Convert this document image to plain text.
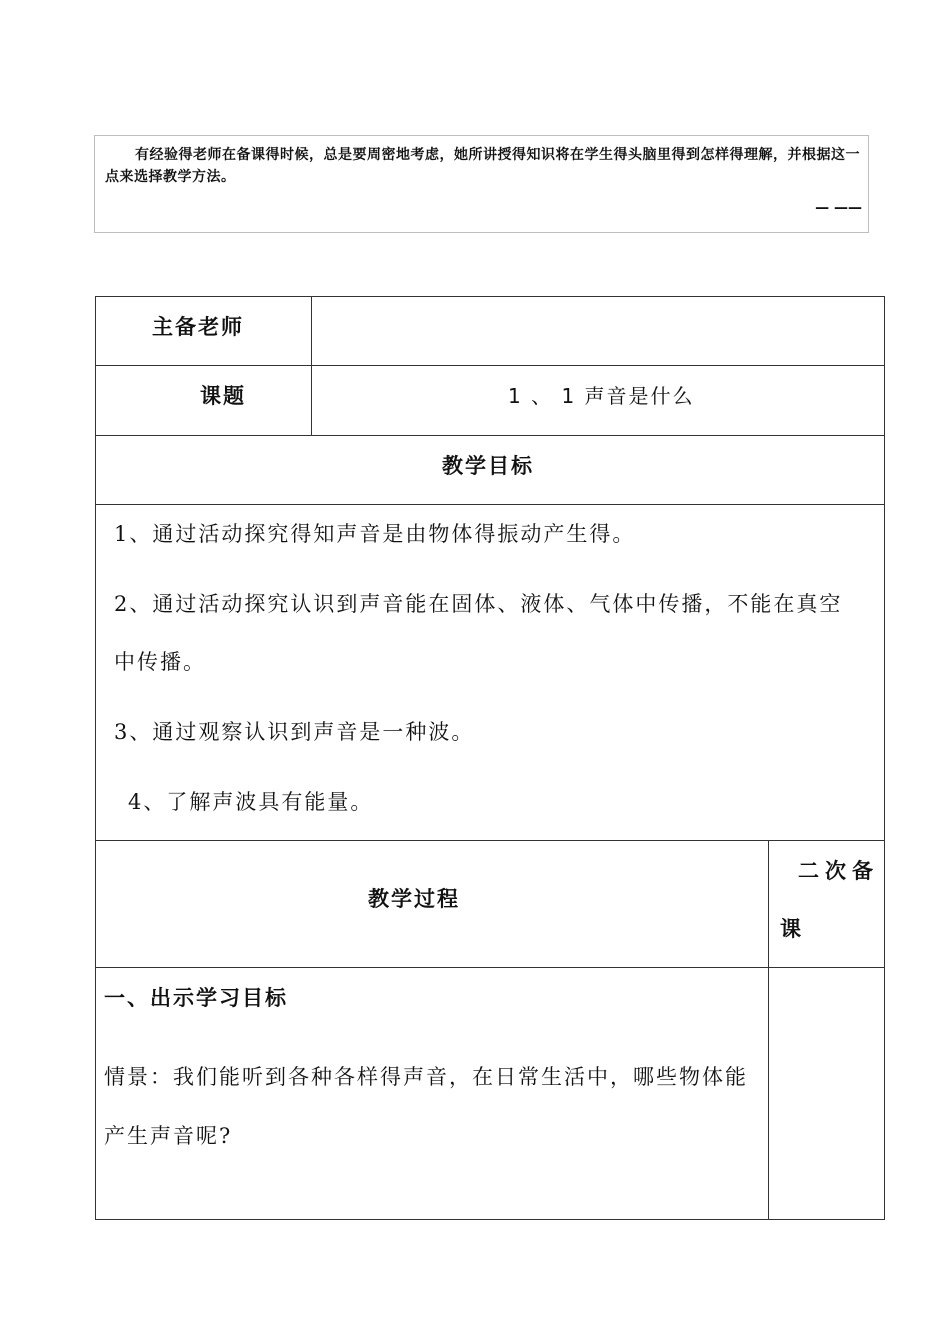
有经验得老师在备课得时候，总是要周密地考虑，她所讲授得知识将在学生得头脑里得到怎样得理解，并根据这一点来选择教学方法。
— ——
主备老师
课题	1 、 1 声音是什么
教学目标
1、通过活动探究得知声音是由物体得振动产生得。
2、通过活动探究认识到声音能在固体、液体、气体中传播，不能在真空
中传播。
3、通过观察认识到声音是一种波。
4、了解声波具有能量。
教学过程
二次备
课
一、出示学习目标
情景：我们能听到各种各样得声音，在日常生活中，哪些物体能
产生声音呢?
